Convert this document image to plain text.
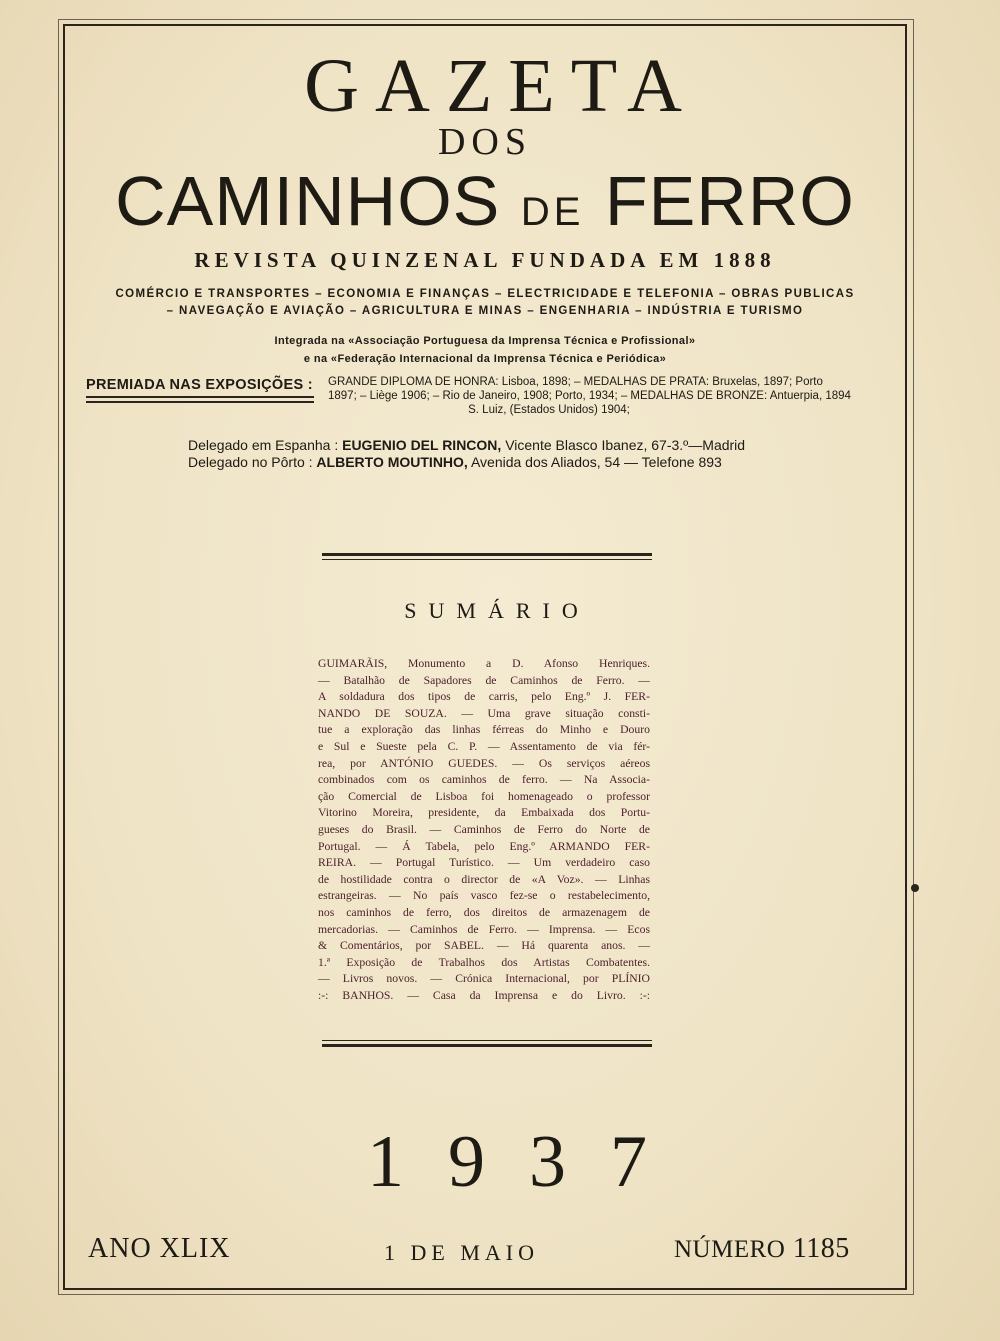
GAZETA
DOS
CAMINHOS DE FERRO
REVISTA QUINZENAL FUNDADA EM 1888
COMÉRCIO E TRANSPORTES – ECONOMIA E FINANÇAS – ELECTRICIDADE E TELEFONIA – OBRAS PUBLICAS
– NAVEGAÇÃO E AVIAÇÃO – AGRICULTURA E MINAS – ENGENHARIA – INDÚSTRIA E TURISMO
Integrada na «Associação Portuguesa da Imprensa Técnica e Profissional»
e na «Federação Internacional da Imprensa Técnica e Periódica»
PREMIADA NAS EXPOSIÇÕES : GRANDE DIPLOMA DE HONRA: Lisboa, 1898; – MEDALHAS DE PRATA: Bruxelas, 1897; Porto
1897; – Liège 1906; – Rio de Janeiro, 1908; Porto, 1934; – MEDALHAS DE BRONZE: Antuerpia, 1894
S. Luiz, (Estados Unidos) 1904;
Delegado em Espanha : EUGENIO DEL RINCON, Vicente Blasco Ibanez, 67-3.º—Madrid
Delegado no Pôrto : ALBERTO MOUTINHO, Avenida dos Aliados, 54 — Telefone 893
SUMÁRIO
GUIMARÃIS, Monumento a D. Afonso Henriques.
— Batalhão de Sapadores de Caminhos de Ferro. —
A soldadura dos tipos de carris, pelo Eng.º J. FER-
NANDO DE SOUZA. — Uma grave situação consti-
tue a exploração das linhas férreas do Minho e Douro
e Sul e Sueste pela C. P. — Assentamento de via fér-
rea, por ANTÓNIO GUEDES. — Os serviços aéreos
combinados com os caminhos de ferro. — Na Associa-
ção Comercial de Lisboa foi homenageado o professor
Vitorino Moreira, presidente, da Embaixada dos Portu-
gueses do Brasil. — Caminhos de Ferro do Norte de
Portugal. — Á Tabela, pelo Eng.º ARMANDO FER-
REIRA. — Portugal Turístico. — Um verdadeiro caso
de hostilidade contra o director de «A Voz». — Linhas
estrangeiras. — No país vasco fez-se o restabelecimento,
nos caminhos de ferro, dos direitos de armazenagem de
mercadorias. — Caminhos de Ferro. — Imprensa. — Ecos
& Comentários, por SABEL. — Há quarenta anos. —
1.ª Exposição de Trabalhos dos Artistas Combatentes.
— Livros novos. — Crónica Internacional, por PLÍNIO
:-: BANHOS. — Casa da Imprensa e do Livro. :-:
1937
ANO XLIX	1 DE MAIO	NÚMERO 1185
